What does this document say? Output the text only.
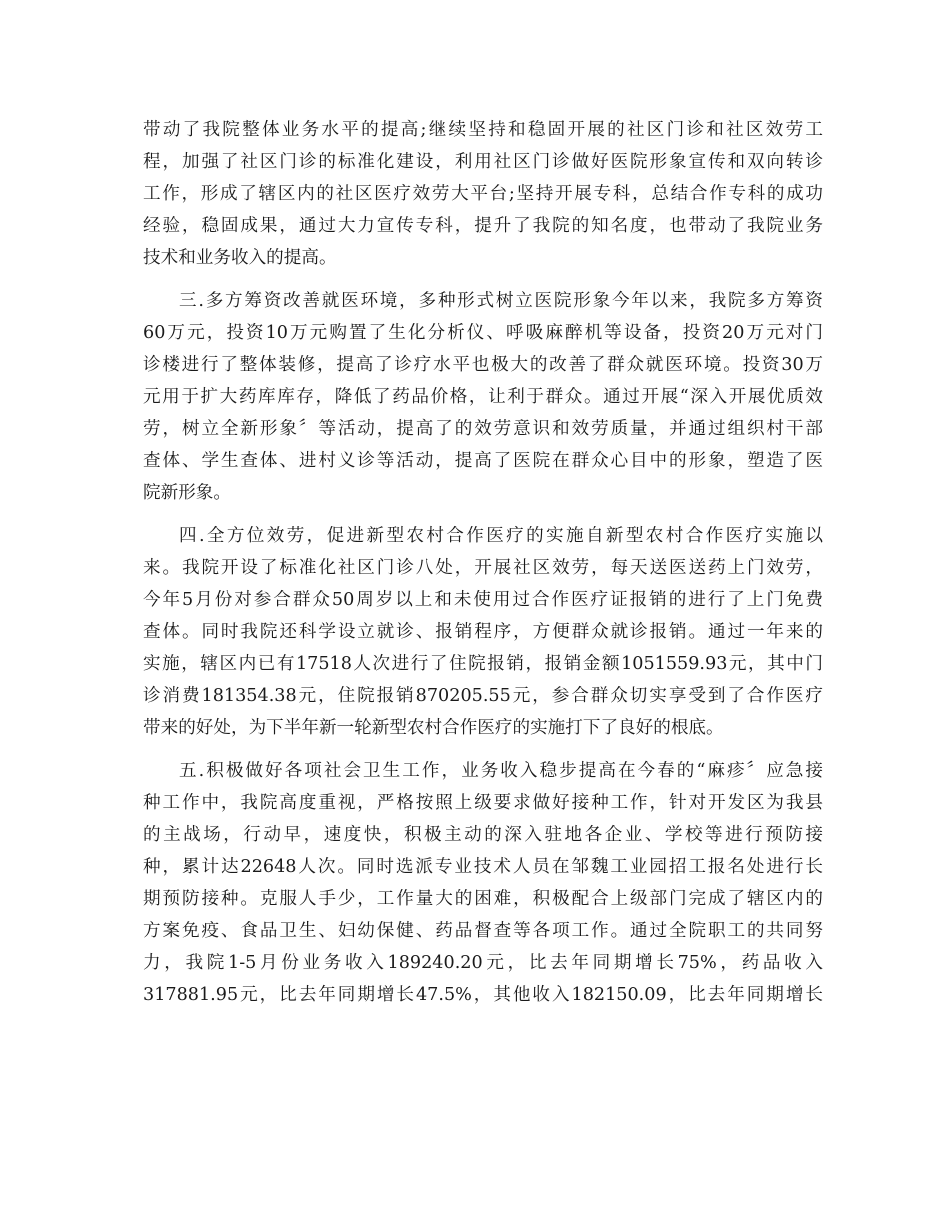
带动了我院整体业务水平的提高;继续坚持和稳固开展的社区门诊和社区效劳工
程，加强了社区门诊的标准化建设，利用社区门诊做好医院形象宣传和双向转诊
工作，形成了辖区内的社区医疗效劳大平台;坚持开展专科，总结合作专科的成功
经验，稳固成果，通过大力宣传专科，提升了我院的知名度，也带动了我院业务
技术和业务收入的提高。
三.多方筹资改善就医环境，多种形式树立医院形象今年以来，我院多方筹资
60万元，投资10万元购置了生化分析仪、呼吸麻醉机等设备，投资20万元对门
诊楼进行了整体装修，提高了诊疗水平也极大的改善了群众就医环境。投资30万
元用于扩大药库库存，降低了药品价格，让利于群众。通过开展“深入开展优质效
劳，树立全新形象〞等活动，提高了的效劳意识和效劳质量，并通过组织村干部
查体、学生查体、进村义诊等活动，提高了医院在群众心目中的形象，塑造了医
院新形象。
四.全方位效劳，促进新型农村合作医疗的实施自新型农村合作医疗实施以
来。我院开设了标准化社区门诊八处，开展社区效劳，每天送医送药上门效劳，
今年5月份对参合群众50周岁以上和未使用过合作医疗证报销的进行了上门免费
查体。同时我院还科学设立就诊、报销程序，方便群众就诊报销。通过一年来的
实施，辖区内已有17518人次进行了住院报销，报销金额1051559.93元，其中门
诊消费181354.38元，住院报销870205.55元，参合群众切实享受到了合作医疗
带来的好处，为下半年新一轮新型农村合作医疗的实施打下了良好的根底。
五.积极做好各项社会卫生工作，业务收入稳步提高在今春的“麻疹〞应急接
种工作中，我院高度重视，严格按照上级要求做好接种工作，针对开发区为我县
的主战场，行动早，速度快，积极主动的深入驻地各企业、学校等进行预防接
种，累计达22648人次。同时选派专业技术人员在邹魏工业园招工报名处进行长
期预防接种。克服人手少，工作量大的困难，积极配合上级部门完成了辖区内的
方案免疫、食品卫生、妇幼保健、药品督查等各项工作。通过全院职工的共同努
力，我院1-5月份业务收入189240.20元，比去年同期增长75%，药品收入
317881.95元，比去年同期增长47.5%，其他收入182150.09，比去年同期增长
